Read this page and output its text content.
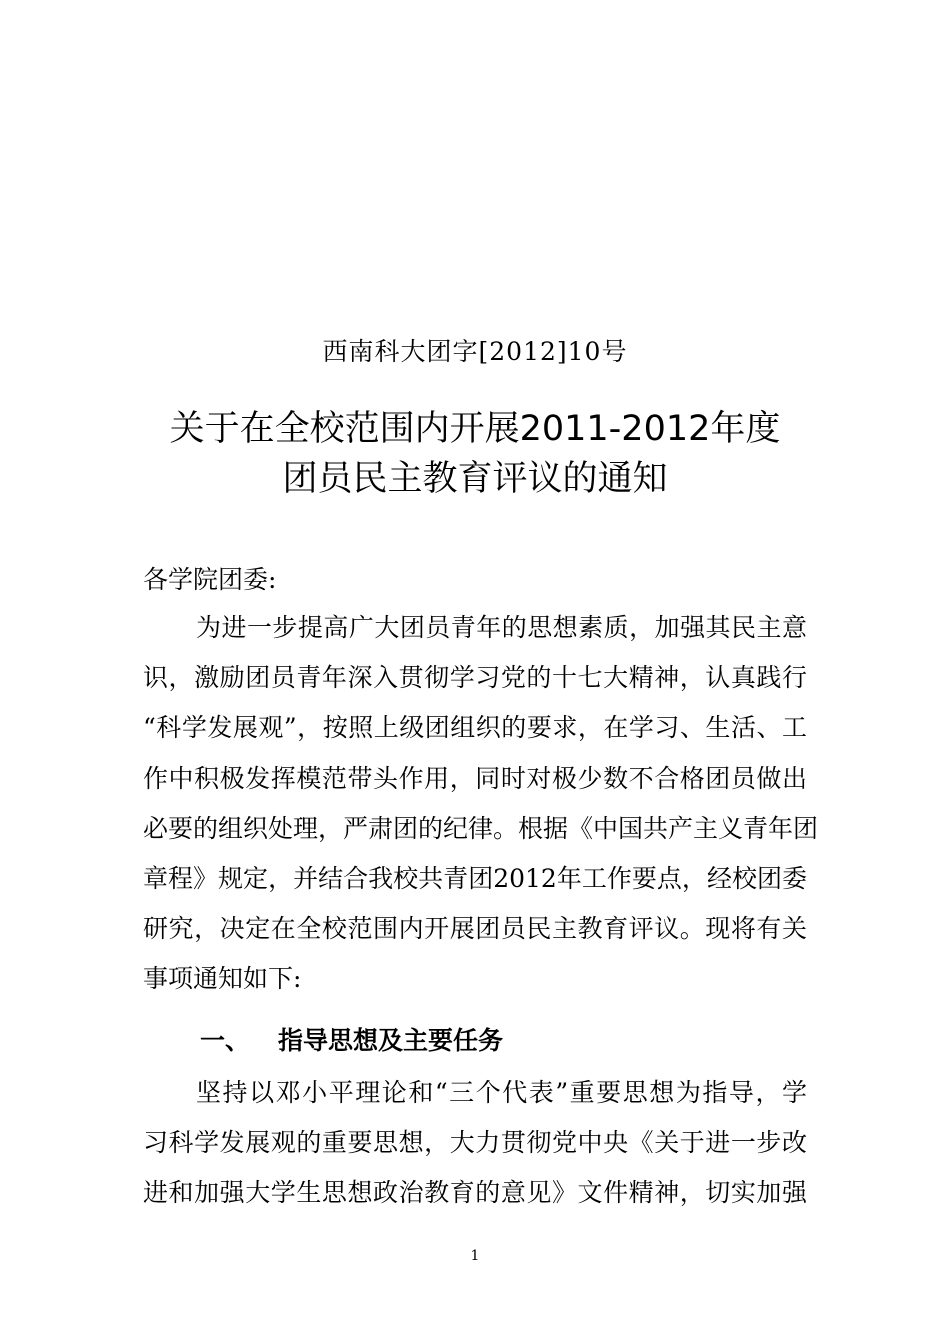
西南科大团字[2012]10号
关于在全校范围内开展2011-2012年度
团员民主教育评议的通知
各学院团委:
为进一步提高广大团员青年的思想素质，加强其民主意
识，激励团员青年深入贯彻学习党的十七大精神，认真践行
“科学发展观”，按照上级团组织的要求，在学习、生活、工
作中积极发挥模范带头作用，同时对极少数不合格团员做出
必要的组织处理，严肃团的纪律。根据《中国共产主义青年团
章程》规定，并结合我校共青团2012年工作要点，经校团委
研究，决定在全校范围内开展团员民主教育评议。现将有关
事项通知如下:
一、 指导思想及主要任务
坚持以邓小平理论和“三个代表”重要思想为指导，学
习科学发展观的重要思想，大力贯彻党中央《关于进一步改
进和加强大学生思想政治教育的意见》文件精神，切实加强
1
